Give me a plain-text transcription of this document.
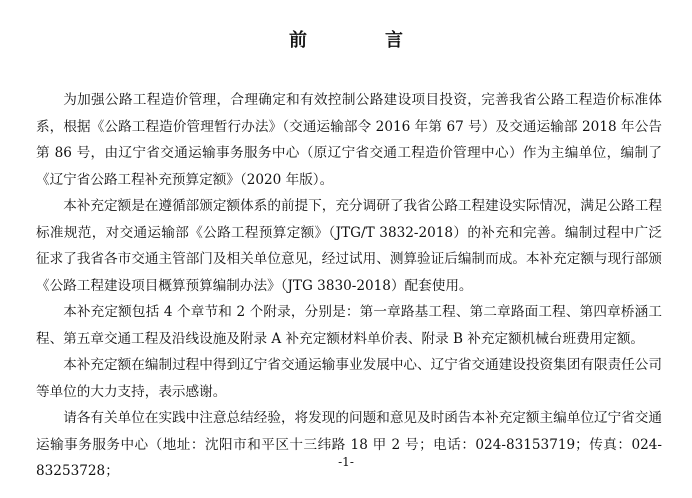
前　言

为加强公路工程造价管理，合理确定和有效控制公路建设项目投资，完善我省公路工程造价标准体系，根据《公路工程造价管理暂行办法》（交通运输部令 2016 年第 67 号）及交通运输部 2018 年公告第 86 号，由辽宁省交通运输事务服务中心（原辽宁省交通工程造价管理中心）作为主编单位，编制了《辽宁省公路工程补充预算定额》（2020 年版）。

本补充定额是在遵循部颁定额体系的前提下，充分调研了我省公路工程建设实际情况，满足公路工程标准规范，对交通运输部《公路工程预算定额》（JTG/T 3832-2018）的补充和完善。编制过程中广泛征求了我省各市交通主管部门及相关单位意见，经过试用、测算验证后编制而成。本补充定额与现行部颁《公路工程建设项目概算预算编制办法》（JTG 3830-2018）配套使用。

本补充定额包括 4 个章节和 2 个附录，分别是：第一章路基工程、第二章路面工程、第四章桥涵工程、第五章交通工程及沿线设施及附录 A 补充定额材料单价表、附录 B 补充定额机械台班费用定额。

本补充定额在编制过程中得到辽宁省交通运输事业发展中心、辽宁省交通建设投资集团有限责任公司等单位的大力支持，表示感谢。

请各有关单位在实践中注意总结经验，将发现的问题和意见及时函告本补充定额主编单位辽宁省交通运输事务服务中心（地址：沈阳市和平区十三纬路 18 甲 2 号；电话：024-83153719；传真：024-83253728；

-1-
